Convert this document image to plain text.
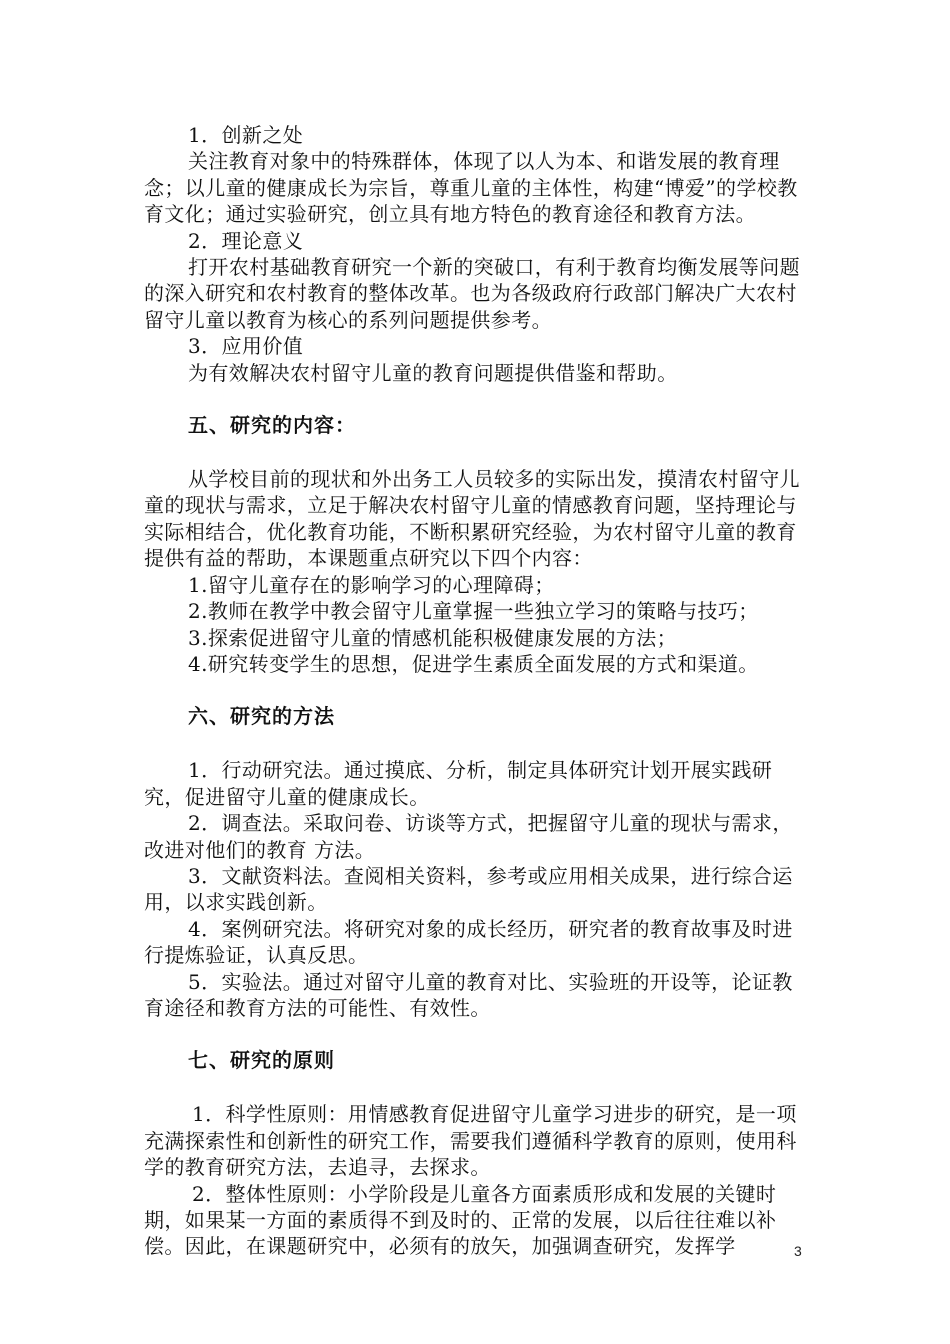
1．创新之处

关注教育对象中的特殊群体，体现了以人为本、和谐发展的教育理念；以儿童的健康成长为宗旨，尊重儿童的主体性，构建“博爱”的学校教育文化；通过实验研究，创立具有地方特色的教育途径和教育方法。

2．理论意义

打开农村基础教育研究一个新的突破口，有利于教育均衡发展等问题的深入研究和农村教育的整体改革。也为各级政府行政部门解决广大农村留守儿童以教育为核心的系列问题提供参考。

3．应用价值

为有效解决农村留守儿童的教育问题提供借鉴和帮助。

五、研究的内容：

从学校目前的现状和外出务工人员较多的实际出发，摸清农村留守儿童的现状与需求，立足于解决农村留守儿童的情感教育问题，坚持理论与实际相结合，优化教育功能，不断积累研究经验，为农村留守儿童的教育提供有益的帮助，本课题重点研究以下四个内容：

1.留守儿童存在的影响学习的心理障碍；

2.教师在教学中教会留守儿童掌握一些独立学习的策略与技巧；

3.探索促进留守儿童的情感机能积极健康发展的方法；

4.研究转变学生的思想，促进学生素质全面发展的方式和渠道。

六、研究的方法

1．行动研究法。通过摸底、分析，制定具体研究计划开展实践研究，促进留守儿童的健康成长。

2．调查法。采取问卷、访谈等方式，把握留守儿童的现状与需求，改进对他们的教育 方法。

3．文献资料法。查阅相关资料，参考或应用相关成果，进行综合运用，以求实践创新。

4．案例研究法。将研究对象的成长经历，研究者的教育故事及时进行提炼验证，认真反思。

5．实验法。通过对留守儿童的教育对比、实验班的开设等，论证教育途径和教育方法的可能性、有效性。

七、研究的原则

1．科学性原则：用情感教育促进留守儿童学习进步的研究，是一项充满探索性和创新性的研究工作，需要我们遵循科学教育的原则，使用科学的教育研究方法，去追寻，去探求。

2．整体性原则：小学阶段是儿童各方面素质形成和发展的关键时期，如果某一方面的素质得不到及时的、正常的发展，以后往往难以补偿。因此，在课题研究中，必须有的放矢，加强调查研究，发挥学	3
